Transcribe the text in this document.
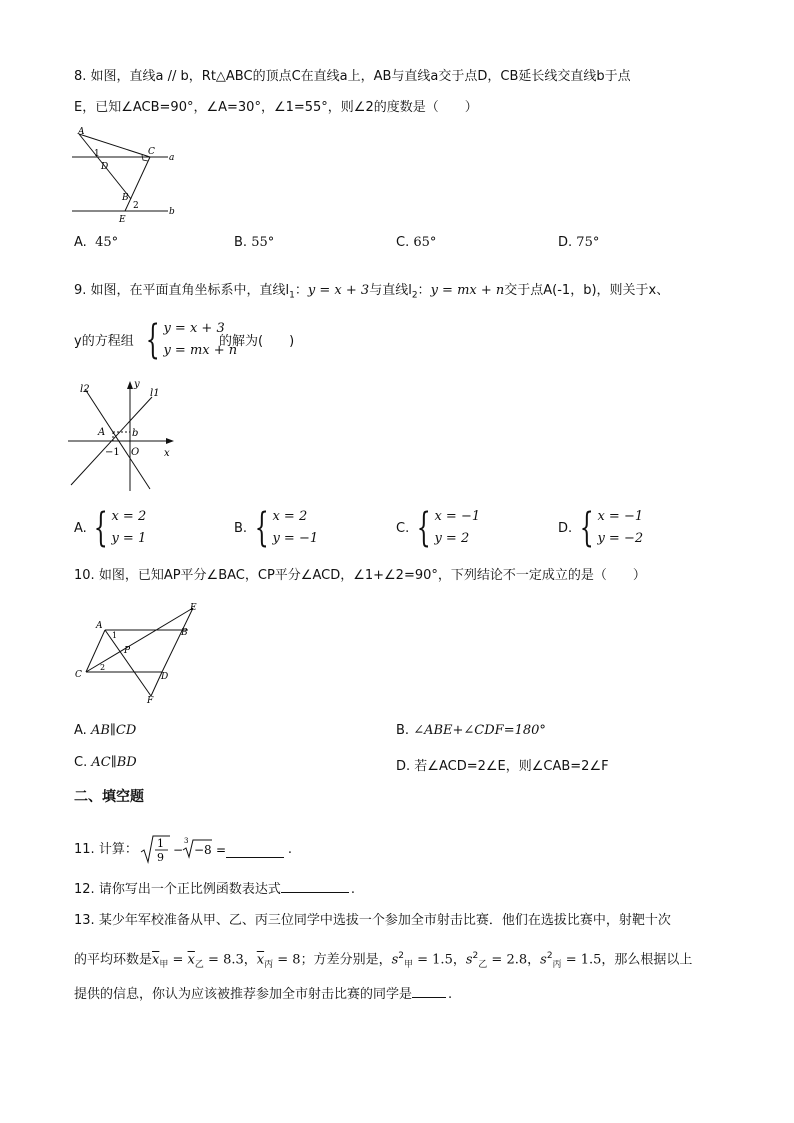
8. 如图，直线a // b，Rt△ABC的顶点C在直线a上，AB与直线a交于点D，CB延长线交直线b于点
E，已知∠ACB=90°，∠A=30°，∠1=55°，则∠2的度数是（　　）
A
1	C
a
D
B
2
b
E
A. 45°	B. 55°	C. 65°	D. 75°
9. 如图，在平面直角坐标系中，直线$l_1$：y = x + 3与直线$l_2$：y = mx + n交于点A(-1，b)，则关于x、
y的方程组 { y = x + 3
y = mx + n
的解为(　　)
l2	y
l1
A	b
x
−1 O
A. { x = 2
y = 1
B. { x = 2
y = −1
C. { x = −1
y = 2
D. { x = −1
y = −2
10. 如图，已知AP平分∠BAC，CP平分∠ACD，∠1+∠2=90°，下列结论不一定成立的是（　　）
E
A
1	B
P
C
2
D
F
A. AB∥CD	B. ∠ABE+∠CDF=180°
C. AC∥BD	D. 若∠ACD=2∠E，则∠CAB=2∠F
二、填空题
11.
计算： 1
9
−
3
−8 =	.
12. 请你写出一个正比例函数表达式	.
13. 某少年军校准备从甲、乙、丙三位同学中选拔一个参加全市射击比赛．他们在选拔比赛中，射靶十次
的平均环数是$\overline{x}_甲 = \overline{x}_乙 = 8.3$，$\overline{x}_丙 = 8$；方差分别是，$s^2_甲 = 1.5$，$s^2_乙 = 2.8$，$s^2_丙 = 1.5$，那么根据以上
提供的信息，你认为应该被推荐参加全市射击比赛的同学是	.
